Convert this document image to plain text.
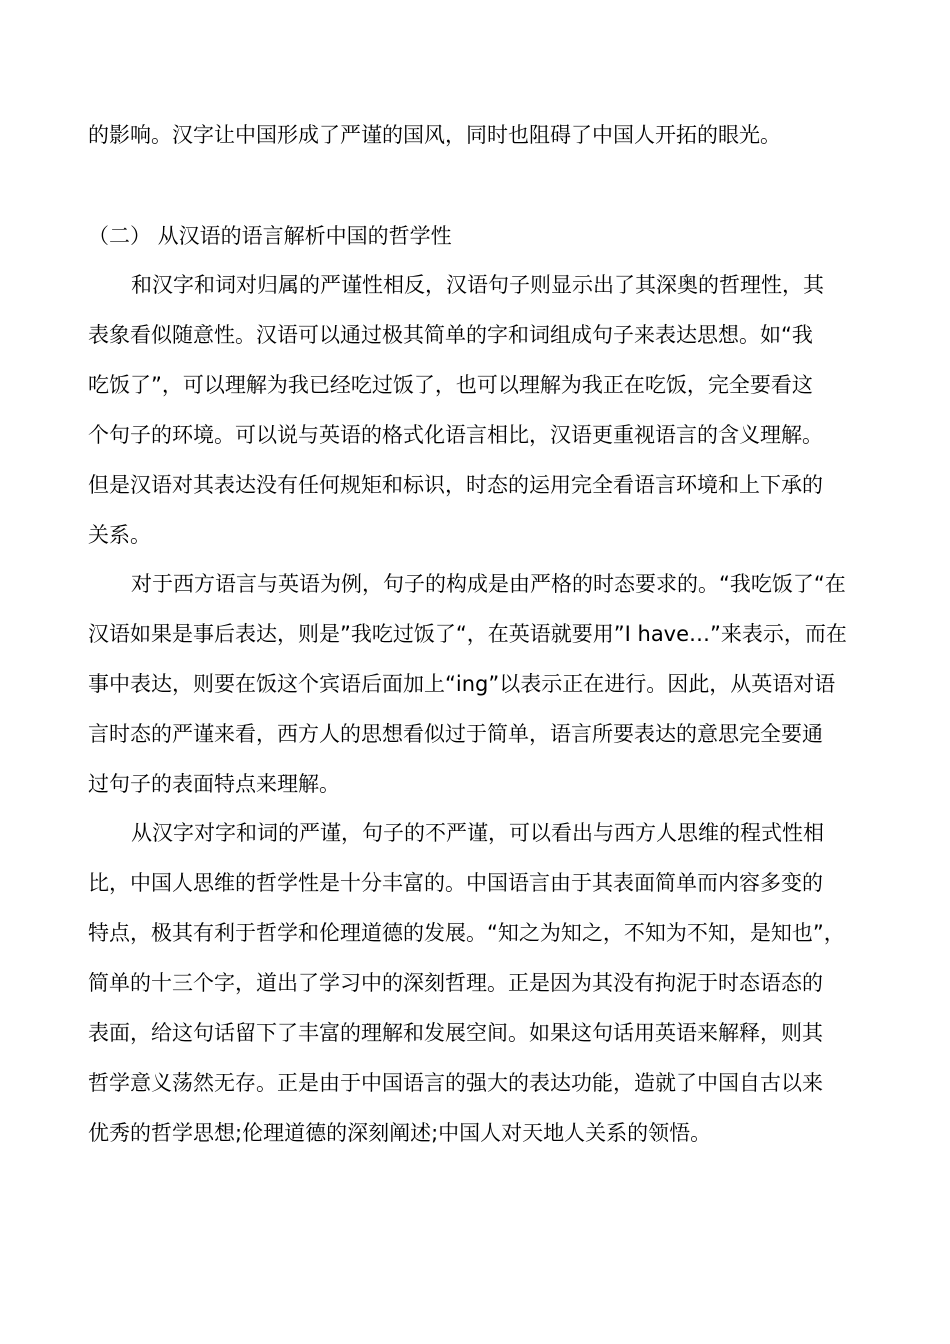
的影响。汉字让中国形成了严谨的国风，同时也阻碍了中国人开拓的眼光。
（二） 从汉语的语言解析中国的哲学性
和汉字和词对归属的严谨性相反，汉语句子则显示出了其深奥的哲理性，其
表象看似随意性。汉语可以通过极其简单的字和词组成句子来表达思想。如“我
吃饭了”，可以理解为我已经吃过饭了，也可以理解为我正在吃饭，完全要看这
个句子的环境。可以说与英语的格式化语言相比，汉语更重视语言的含义理解。
但是汉语对其表达没有任何规矩和标识，时态的运用完全看语言环境和上下承的
关系。
对于西方语言与英语为例，句子的构成是由严格的时态要求的。“我吃饭了“在
汉语如果是事后表达，则是”我吃过饭了“，在英语就要用”I have…”来表示，而在
事中表达，则要在饭这个宾语后面加上“ing”以表示正在进行。因此，从英语对语
言时态的严谨来看，西方人的思想看似过于简单，语言所要表达的意思完全要通
过句子的表面特点来理解。
从汉字对字和词的严谨，句子的不严谨，可以看出与西方人思维的程式性相
比，中国人思维的哲学性是十分丰富的。中国语言由于其表面简单而内容多变的
特点，极其有利于哲学和伦理道德的发展。“知之为知之，不知为不知，是知也”，
简单的十三个字，道出了学习中的深刻哲理。正是因为其没有拘泥于时态语态的
表面，给这句话留下了丰富的理解和发展空间。如果这句话用英语来解释，则其
哲学意义荡然无存。正是由于中国语言的强大的表达功能，造就了中国自古以来
优秀的哲学思想;伦理道德的深刻阐述;中国人对天地人关系的领悟。
